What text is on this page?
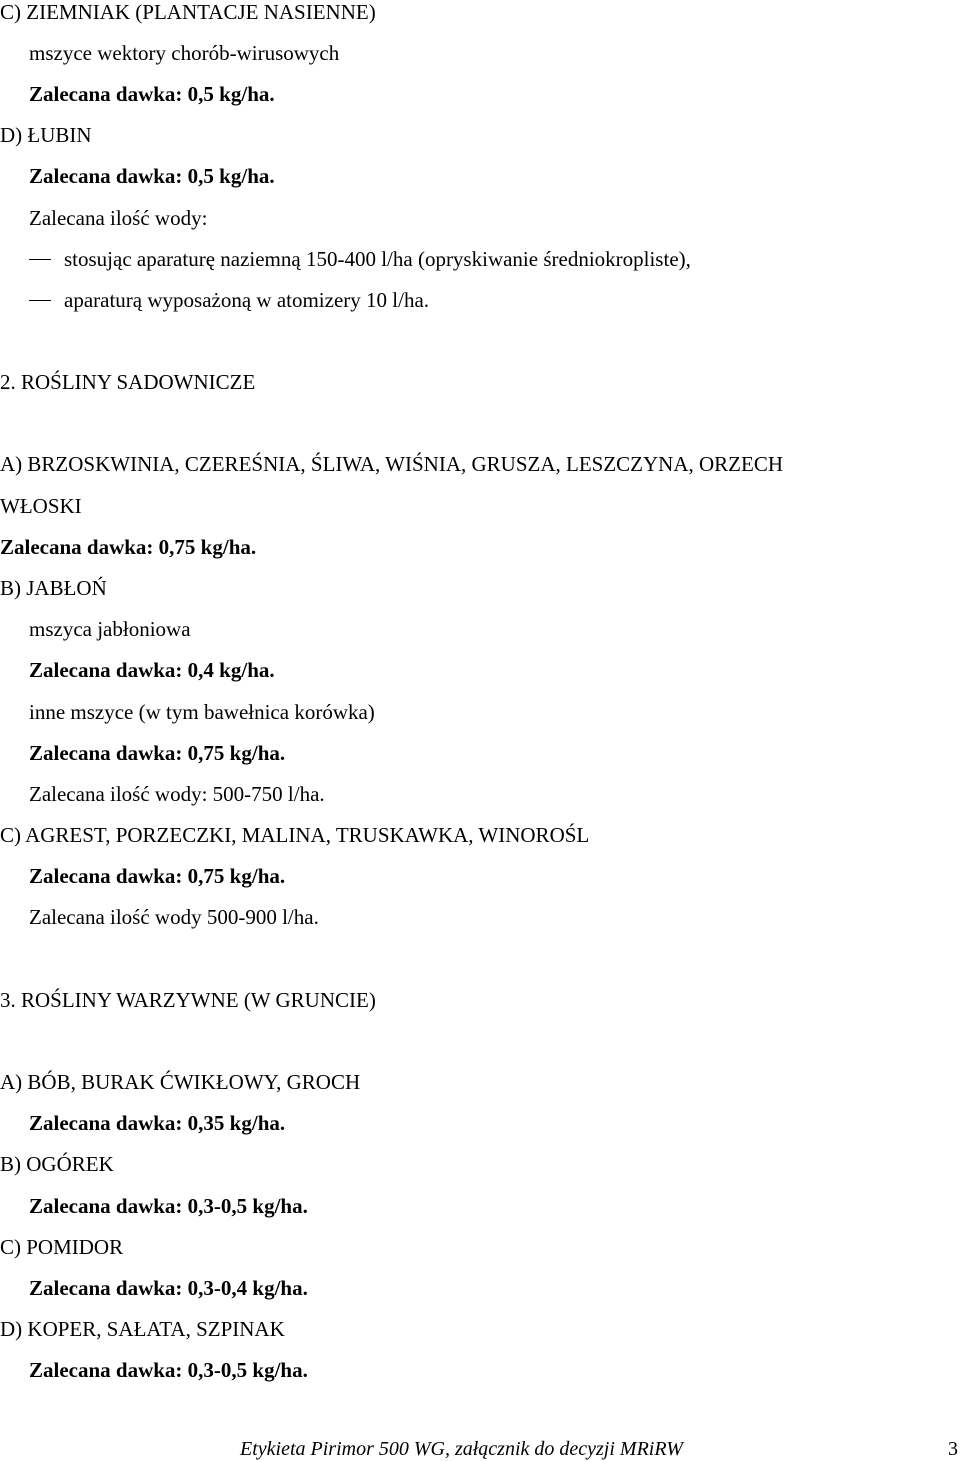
C) ZIEMNIAK (PLANTACJE NASIENNE)
mszyce wektory chorób-wirusowych
Zalecana dawka: 0,5 kg/ha.
D) ŁUBIN
Zalecana dawka: 0,5 kg/ha.
Zalecana ilość wody:
stosując aparaturę naziemną 150-400 l/ha (opryskiwanie średniokropliste),
aparaturą wyposażoną w atomizery 10 l/ha.
2. ROŚLINY SADOWNICZE
A) BRZOSKWINIA, CZEREŚNIA, ŚLIWA, WIŚNIA, GRUSZA, LESZCZYNA, ORZECH
WŁOSKI
Zalecana dawka: 0,75 kg/ha.
B) JABŁOŃ
mszyca jabłoniowa
Zalecana dawka: 0,4 kg/ha.
inne mszyce (w tym bawełnica korówka)
Zalecana dawka: 0,75 kg/ha.
Zalecana ilość wody: 500-750 l/ha.
C) AGREST, PORZECZKI, MALINA, TRUSKAWKA, WINOROŚL
Zalecana dawka: 0,75 kg/ha.
Zalecana ilość wody 500-900 l/ha.
3. ROŚLINY WARZYWNE (W GRUNCIE)
A) BÓB, BURAK ĆWIKŁOWY, GROCH
Zalecana dawka: 0,35 kg/ha.
B) OGÓREK
Zalecana dawka: 0,3-0,5 kg/ha.
C) POMIDOR
Zalecana dawka: 0,3-0,4 kg/ha.
D) KOPER, SAŁATA, SZPINAK
Zalecana dawka: 0,3-0,5 kg/ha.
Etykieta Pirimor 500 WG, załącznik do decyzji MRiRW	3
